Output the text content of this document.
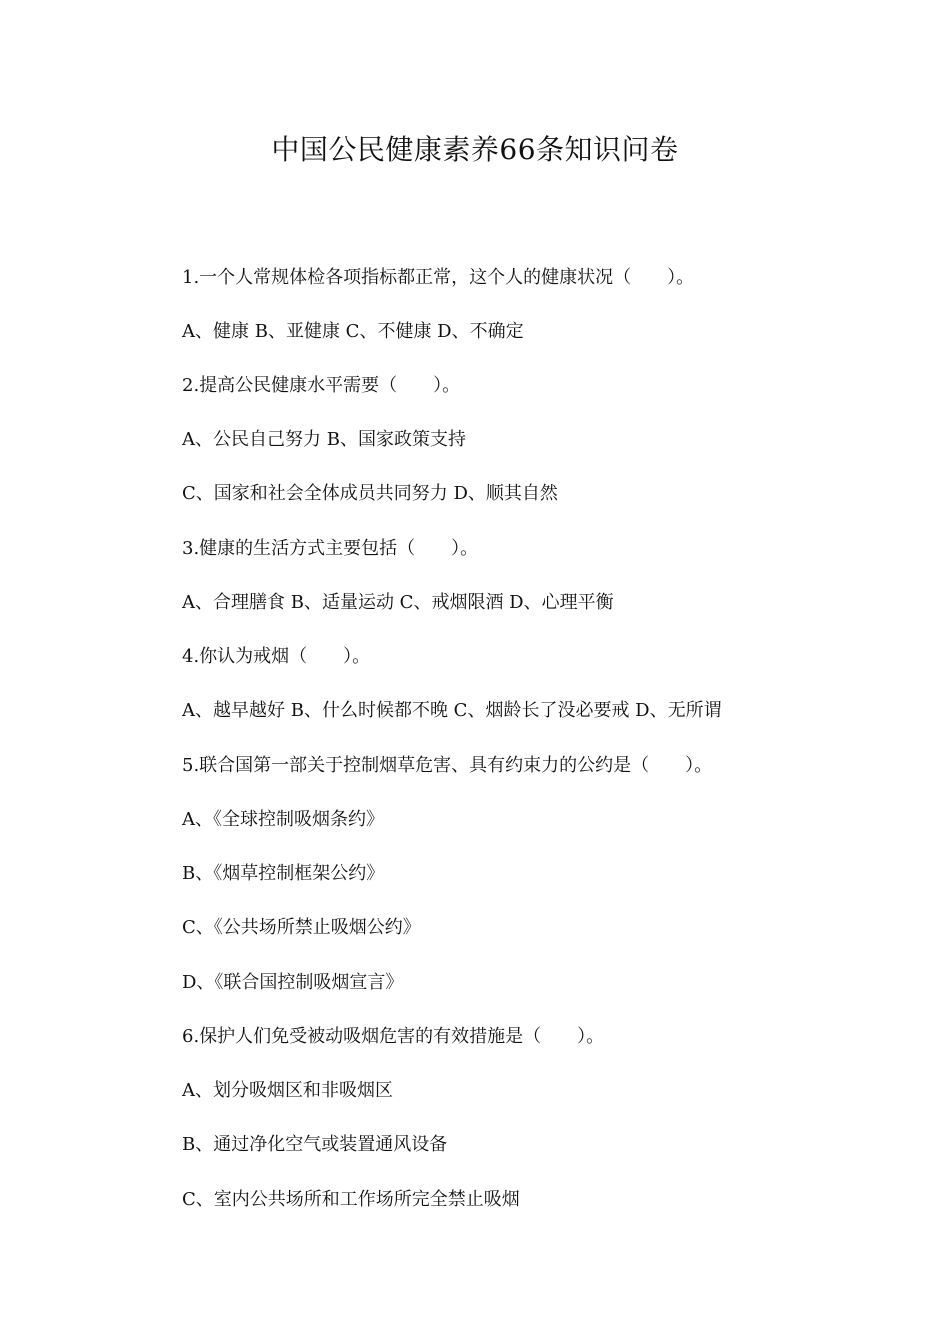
中国公民健康素养66条知识问卷
1.一个人常规体检各项指标都正常，这个人的健康状况（　　）。
A、健康 B、亚健康 C、不健康 D、不确定
2.提高公民健康水平需要（　　）。
A、公民自己努力 B、国家政策支持
C、国家和社会全体成员共同努力 D、顺其自然
3.健康的生活方式主要包括（　　）。
A、合理膳食 B、适量运动 C、戒烟限酒 D、心理平衡
4.你认为戒烟（　　）。
A、越早越好 B、什么时候都不晚 C、烟龄长了没必要戒 D、无所谓
5.联合国第一部关于控制烟草危害、具有约束力的公约是（　　）。
A、《全球控制吸烟条约》
B、《烟草控制框架公约》
C、《公共场所禁止吸烟公约》
D、《联合国控制吸烟宣言》
6.保护人们免受被动吸烟危害的有效措施是（　　）。
A、划分吸烟区和非吸烟区
B、通过净化空气或装置通风设备
C、室内公共场所和工作场所完全禁止吸烟
